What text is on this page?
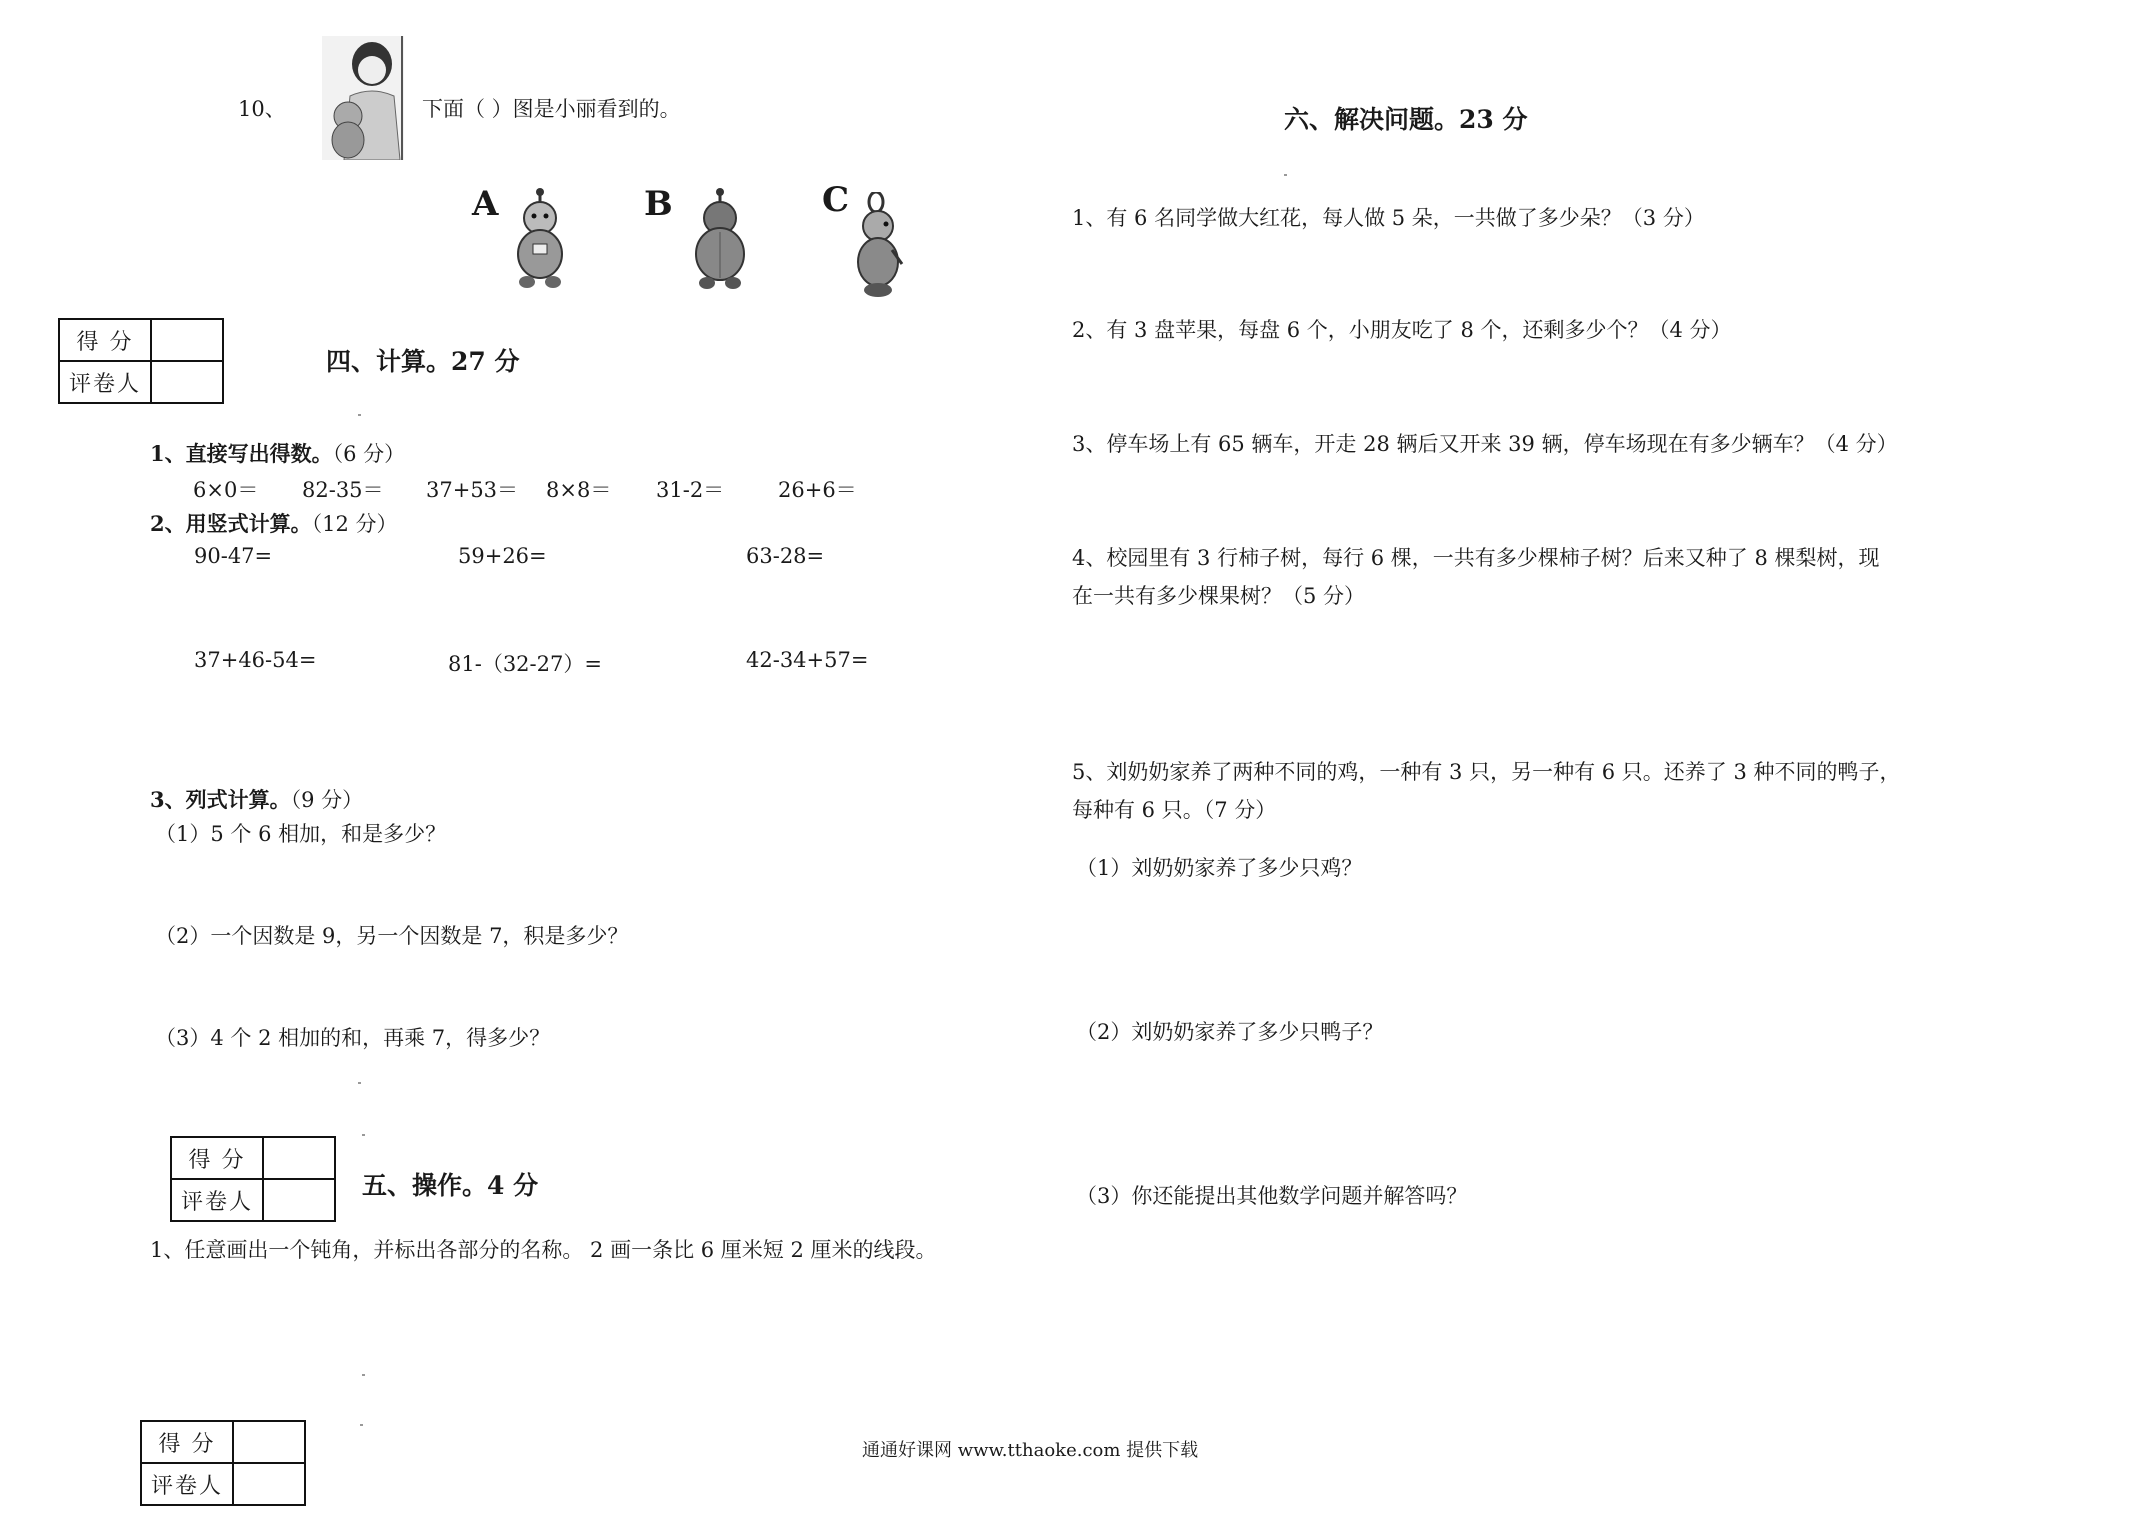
10、	下面（ ）图是小丽看到的。
A	B	C
得 分	
评卷人	
四、计算。27 分
1、直接写出得数。（6 分）
6×0＝ 82-35＝ 37+53＝ 8×8＝ 31-2＝	26+6＝
2、用竖式计算。（12 分）
90-47=	59+26=	63-28=
37+46-54=	81-（32-27）=	42-34+57=
3、列式计算。（9 分）
（1）5 个 6 相加，和是多少？
（2）一个因数是 9，另一个因数是 7，积是多少？
（3）4 个 2 相加的和，再乘 7，得多少？
得 分	
评卷人	
五、操作。4 分
1、任意画出一个钝角，并标出各部分的名称。 2 画一条比 6 厘米短 2 厘米的线段。
得 分	
评卷人	
六、解决问题。23 分
1、有 6 名同学做大红花，每人做 5 朵，一共做了多少朵？（3 分）
2、有 3 盘苹果，每盘 6 个，小朋友吃了 8 个，还剩多少个？（4 分）
3、停车场上有 65 辆车，开走 28 辆后又开来 39 辆，停车场现在有多少辆车？（4 分）
4、校园里有 3 行柿子树，每行 6 棵，一共有多少棵柿子树？后来又种了 8 棵梨树，现
在一共有多少棵果树？（5 分）
5、刘奶奶家养了两种不同的鸡，一种有 3 只，另一种有 6 只。还养了 3 种不同的鸭子，
每种有 6 只。（7 分）
（1）刘奶奶家养了多少只鸡？
（2）刘奶奶家养了多少只鸭子？
（3）你还能提出其他数学问题并解答吗？
通通好课网 www.tthaoke.com 提供下载
